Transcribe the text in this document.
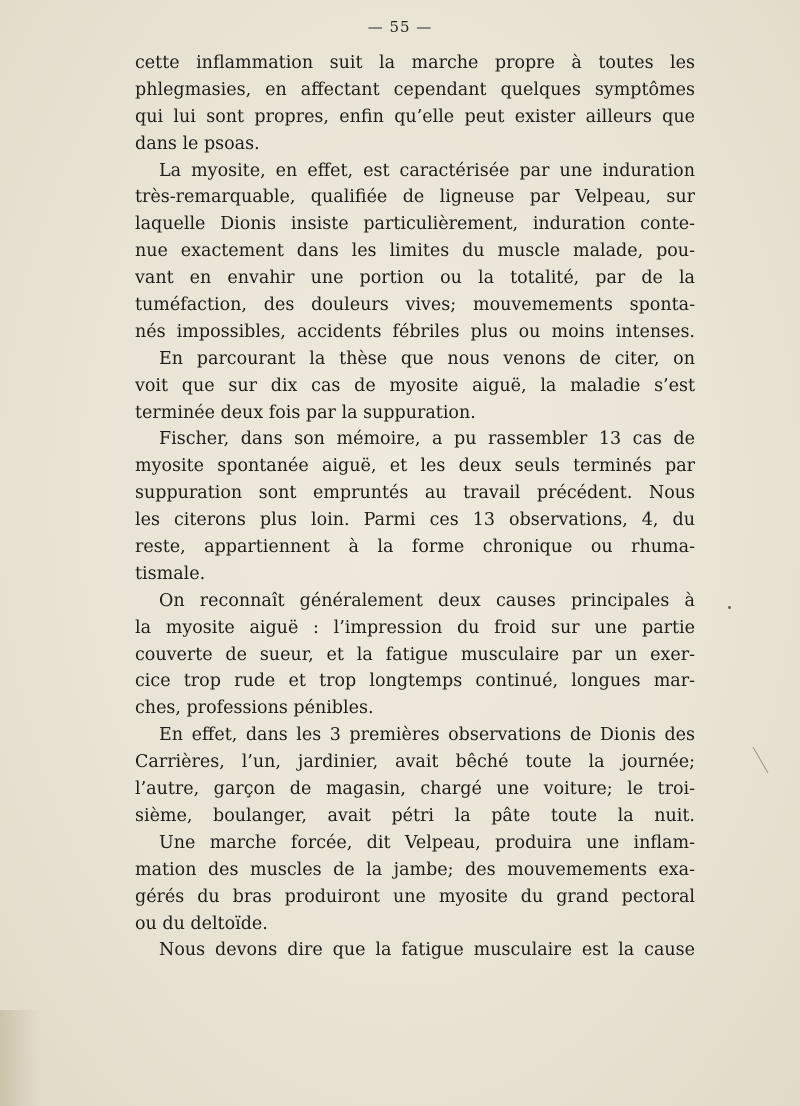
— 55 —
cette inflammation suit la marche propre à toutes les
phlegmasies, en affectant cependant quelques symptômes
qui lui sont propres, enfin qu’elle peut exister ailleurs que
dans le psoas.
La myosite, en effet, est caractérisée par une induration
très-remarquable, qualifiée de ligneuse par Velpeau, sur
laquelle Dionis insiste particulièrement, induration conte-
nue exactement dans les limites du muscle malade, pou-
vant en envahir une portion ou la totalité, par de la
tuméfaction, des douleurs vives; mouvemements sponta-
nés impossibles, accidents fébriles plus ou moins intenses.
En parcourant la thèse que nous venons de citer, on
voit que sur dix cas de myosite aiguë, la maladie s’est
terminée deux fois par la suppuration.
Fischer, dans son mémoire, a pu rassembler 13 cas de
myosite spontanée aiguë, et les deux seuls terminés par
suppuration sont empruntés au travail précédent. Nous
les citerons plus loin. Parmi ces 13 observations, 4, du
reste, appartiennent à la forme chronique ou rhuma-
tismale.
On reconnaît généralement deux causes principales à
la myosite aiguë : l’impression du froid sur une partie
couverte de sueur, et la fatigue musculaire par un exer-
cice trop rude et trop longtemps continué, longues mar-
ches, professions pénibles.
En effet, dans les 3 premières observations de Dionis des
Carrières, l’un, jardinier, avait bêché toute la journée;
l’autre, garçon de magasin, chargé une voiture; le troi-
sième, boulanger, avait pétri la pâte toute la nuit.
Une marche forcée, dit Velpeau, produira une inflam-
mation des muscles de la jambe; des mouvemements exa-
gérés du bras produiront une myosite du grand pectoral
ou du deltoïde.
Nous devons dire que la fatigue musculaire est la cause
